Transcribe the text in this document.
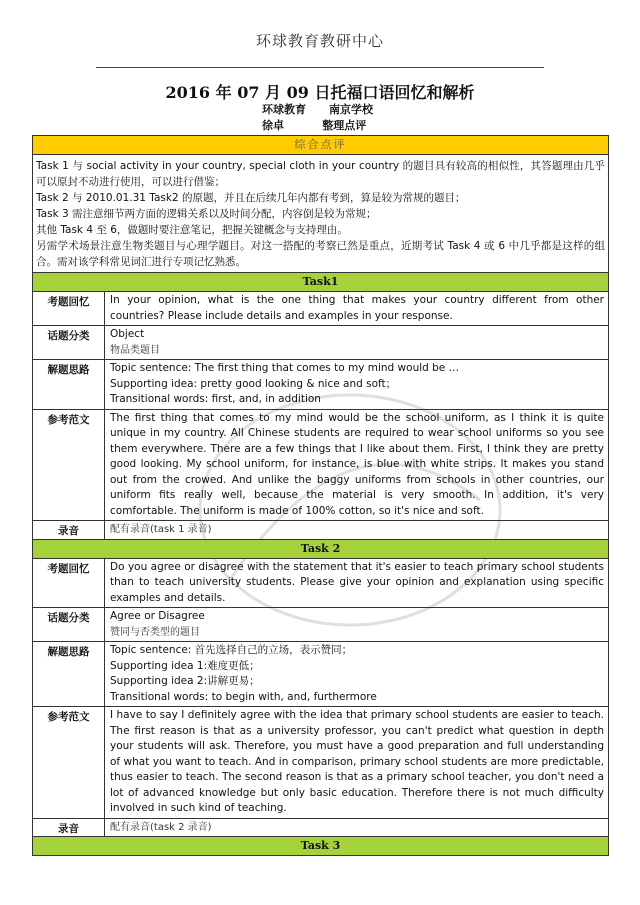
环球教育教研中心
2016 年 07 月 09 日托福口语回忆和解析
环球教育      南京学校
徐卓          整理点评
综合点评

Task 1 与 social activity in your country, special cloth in your country 的题目具有较高的相似性，其答题理由几乎可以原封不动进行使用，可以进行借鉴；

Task 2 与 2010.01.31 Task2 的原题，并且在后续几年内都有考到，算是较为常规的题目；

Task 3 需注意细节两方面的逻辑关系以及时间分配，内容倒是较为常规；

其他 Task 4 至 6，做题时要注意笔记，把握关键概念与支持理由。

另需学术场景注意生物类题目与心理学题目。对这一搭配的考察已然是重点，近期考试 Task 4 或 6 中几乎都是这样的组合。需对该学科常见词汇进行专项记忆熟悉。

Task1
考题回忆	In your opinion, what is the one thing that makes your country different from other countries? Please include details and examples in your response.
话题分类	Object

物品类题目

解题思路	Topic sentence: The first thing that comes to my mind would be …

Supporting idea: pretty good looking & nice and soft；

Transitional words: first, and, in addition

参考范文	The first thing that comes to my mind would be the school uniform, as I think it is quite unique in my country. All Chinese students are required to wear school uniforms so you see them everywhere. There are a few things that I like about them. First, I think they are pretty good looking. My school uniform, for instance, is blue with white strips. It makes you stand out from the crowed. And unlike the baggy uniforms from schools in other countries, our uniform fits really well, because the material is very smooth. In addition, it's very comfortable. The uniform is made of 100% cotton, so it's nice and soft.
录音	配有录音(task 1 录音)
Task 2
考题回忆	Do you agree or disagree with the statement that it's easier to teach primary school students than to teach university students. Please give your opinion and explanation using specific examples and details.
话题分类	Agree or Disagree

赞同与否类型的题目

解题思路	Topic sentence: 首先选择自己的立场，表示赞同；

Supporting idea 1:难度更低；

Supporting idea 2:讲解更易；

Transitional words: to begin with, and, furthermore

参考范文	I have to say I definitely agree with the idea that primary school students are easier to teach. The first reason is that as a university professor, you can't predict what question in depth your students will ask. Therefore, you must have a good preparation and full understanding of what you want to teach. And in comparison, primary school students are more predictable, thus easier to teach. The second reason is that as a primary school teacher, you don't need a lot of advanced knowledge but only basic education. Therefore there is not much difficulty involved in such kind of teaching.
录音	配有录音(task 2 录音)
Task 3
